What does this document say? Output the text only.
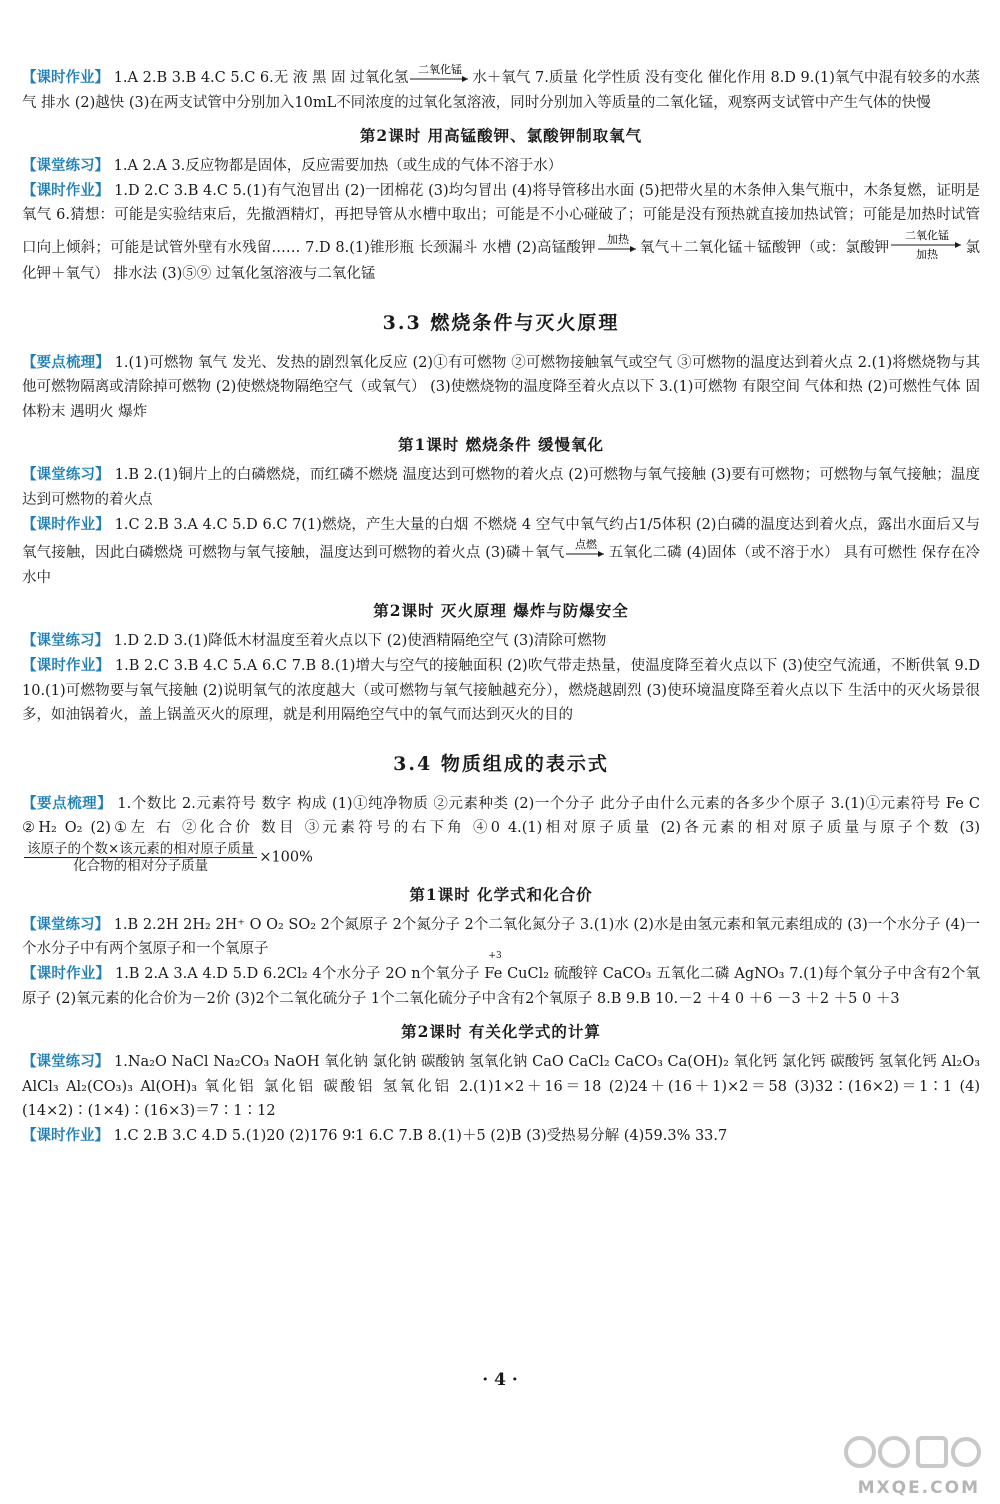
【课时作业】 1.A 2.B 3.B 4.C 5.C 6.无 液 黑 固 过氧化氢
二氧化锰
水＋氧气 7.质量 化学性质 没有变化 催化作用 8.D 9.(1)氧气中混有较多的水蒸气 排水 (2)越快 (3)在两支试管中分别加入10mL不同浓度的过氧化氢溶液，同时分别加入等质量的二氧化锰，观察两支试管中产生气体的快慢

第2课时 用高锰酸钾、氯酸钾制取氧气

【课堂练习】 1.A 2.A 3.反应物都是固体，反应需要加热（或生成的气体不溶于水）

【课时作业】 1.D 2.C 3.B 4.C 5.(1)有气泡冒出 (2)一团棉花 (3)均匀冒出 (4)将导管移出水面 (5)把带火星的木条伸入集气瓶中，木条复燃，证明是氧气 6.猜想：可能是实验结束后，先撤酒精灯，再把导管从水槽中取出；可能是不小心碰破了；可能是没有预热就直接加热试管；可能是加热时试管口向上倾斜；可能是试管外壁有水残留…… 7.D 8.(1)锥形瓶 长颈漏斗 水槽 (2)高锰酸钾
加热
氧气＋二氧化锰＋锰酸钾（或：氯酸钾
二氧化锰
加热 氯化钾＋氧气） 排水法 (3)⑤⑨ 过氧化氢溶液与二氧化锰

3.3 燃烧条件与灭火原理

【要点梳理】 1.(1)可燃物 氧气 发光、发热的剧烈氧化反应 (2)①有可燃物 ②可燃物接触氧气或空气 ③可燃物的温度达到着火点 2.(1)将燃烧物与其他可燃物隔离或清除掉可燃物 (2)使燃烧物隔绝空气（或氧气） (3)使燃烧物的温度降至着火点以下 3.(1)可燃物 有限空间 气体和热 (2)可燃性气体 固体粉末 遇明火 爆炸

第1课时 燃烧条件 缓慢氧化

【课堂练习】 1.B 2.(1)铜片上的白磷燃烧，而红磷不燃烧 温度达到可燃物的着火点 (2)可燃物与氧气接触 (3)要有可燃物；可燃物与氧气接触；温度达到可燃物的着火点

【课时作业】 1.C 2.B 3.A 4.C 5.D 6.C 7(1)燃烧，产生大量的白烟 不燃烧 4 空气中氧气约占1/5体积 (2)白磷的温度达到着火点，露出水面后又与氧气接触，因此白磷燃烧 可燃物与氧气接触，温度达到可燃物的着火点 (3)磷＋氧气
点燃
五氧化二磷 (4)固体（或不溶于水） 具有可燃性 保存在冷水中

第2课时 灭火原理 爆炸与防爆安全

【课堂练习】 1.D 2.D 3.(1)降低木材温度至着火点以下 (2)使酒精隔绝空气 (3)清除可燃物

【课时作业】 1.B 2.C 3.B 4.C 5.A 6.C 7.B 8.(1)增大与空气的接触面积 (2)吹气带走热量，使温度降至着火点以下 (3)使空气流通，不断供氧 9.D 10.(1)可燃物要与氧气接触 (2)说明氧气的浓度越大（或可燃物与氧气接触越充分），燃烧越剧烈 (3)使环境温度降至着火点以下 生活中的灭火场景很多，如油锅着火，盖上锅盖灭火的原理，就是利用隔绝空气中的氧气而达到灭火的目的

3.4 物质组成的表示式

【要点梳理】 1.个数比 2.元素符号 数字 构成 (1)①纯净物质 ②元素种类 (2)一个分子 此分子由什么元素的各多少个原子 3.(1)①元素符号 Fe C ②H₂ O₂ (2)①左 右 ②化合价 数目 ③元素符号的右下角 ④0 4.(1)相对原子质量 (2)各元素的相对原子质量与原子个数 (3)
$\frac{\text{该原子的个数×该元素的相对原子质量}}{\text{化合物的相对分子质量}} \times 100\%$

第1课时 化学式和化合价

【课堂练习】 1.B 2.2H 2H₂ 2H⁺ O O₂ SO₂ 2个氮原子 2个氮分子 2个二氧化氮分子 3.(1)水 (2)水是由氢元素和氧元素组成的 (3)一个水分子 (4)一个水分子中有两个氢原子和一个氧原子

【课时作业】 1.B 2.A 3.A 4.D 5.D 6.2Cl₂ 4个水分子 2O n个氧分子
+3
Fe CuCl₂ 硫酸锌 CaCO₃ 五氧化二磷 AgNO₃ 7.(1)每个氧分子中含有2个氧原子 (2)氧元素的化合价为－2价 (3)2个二氧化硫分子 1个二氧化硫分子中含有2个氧原子 8.B 9.B 10.－2 ＋4 0 ＋6 －3 ＋2 ＋5 0 ＋3

第2课时 有关化学式的计算

【课堂练习】 1.Na₂O NaCl Na₂CO₃ NaOH 氧化钠 氯化钠 碳酸钠 氢氧化钠 CaO CaCl₂ CaCO₃ Ca(OH)₂ 氧化钙 氯化钙 碳酸钙 氢氧化钙 Al₂O₃ AlCl₃ Al₂(CO₃)₃ Al(OH)₃ 氧化铝 氯化铝 碳酸铝 氢氧化铝 2.(1)1×2＋16＝18 (2)24＋(16＋1)×2＝58 (3)32∶(16×2)＝1∶1 (4)(14×2)∶(1×4)∶(16×3)＝7∶1∶12

【课时作业】 1.C 2.B 3.C 4.D 5.(1)20 (2)176 9∶1 6.C 7.B 8.(1)＋5 (2)B (3)受热易分解 (4)59.3% 33.7

· 4 ·
MXQE.COM
